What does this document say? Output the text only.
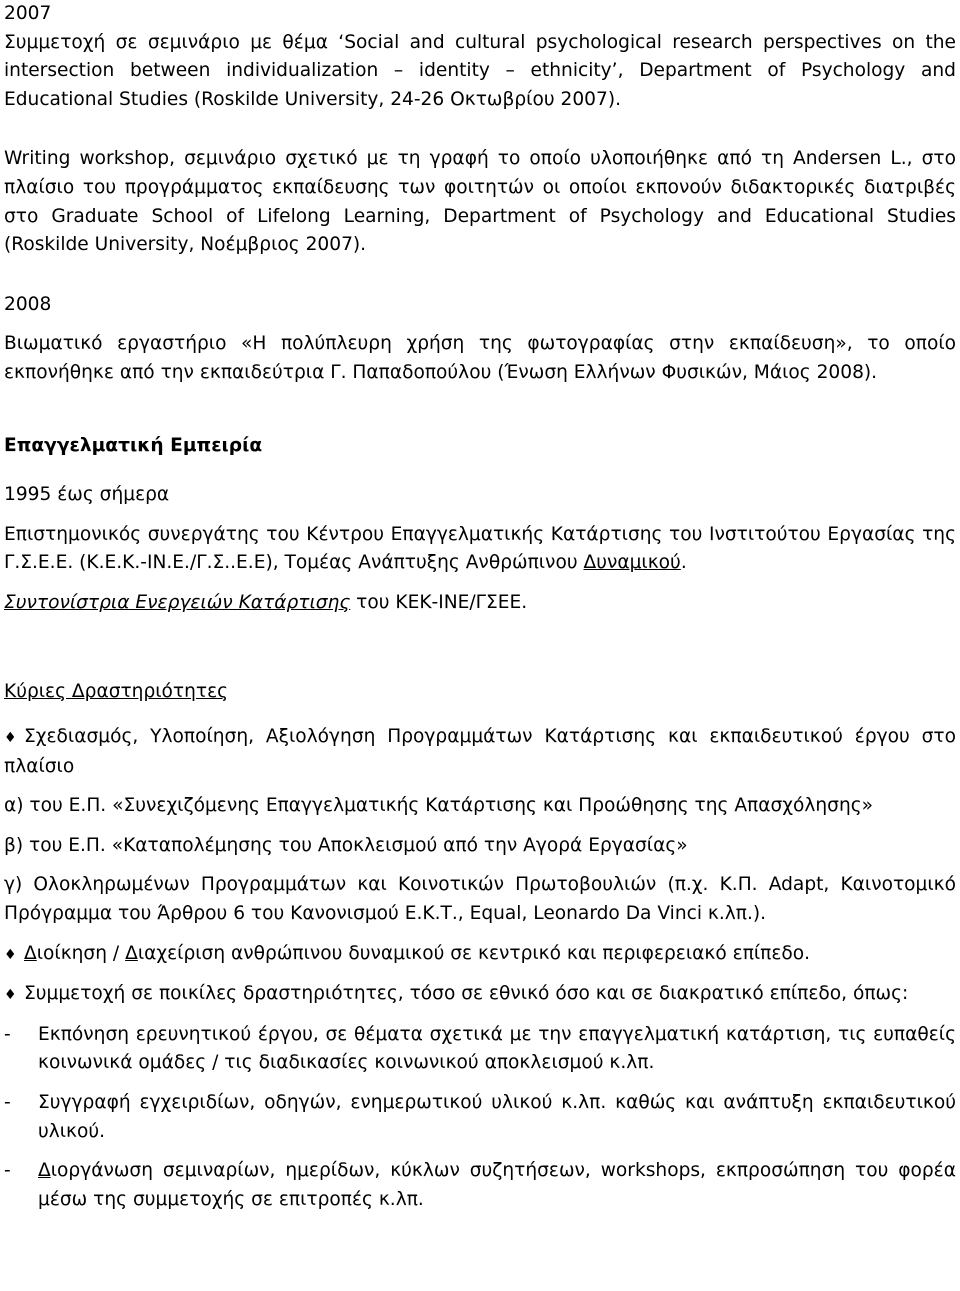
2007

Συμμετοχή σε σεμινάριο με θέμα ‘Social and cultural psychological research perspectives on the intersection between individualization – identity – ethnicity’, Department of Psychology and Educational Studies (Roskilde University, 24-26 Οκτωβρίου 2007).

Writing workshop, σεμινάριο σχετικό με τη γραφή το οποίο υλοποιήθηκε από τη Andersen L., στο πλαίσιο του προγράμματος εκπαίδευσης των φοιτητών οι οποίοι εκπονούν διδακτορικές διατριβές στο Graduate School of Lifelong Learning, Department of Psychology and Educational Studies (Roskilde University, Νοέμβριος 2007).

2008

Βιωματικό εργαστήριο «Η πολύπλευρη χρήση της φωτογραφίας στην εκπαίδευση», το οποίο εκπονήθηκε από την εκπαιδεύτρια Γ. Παπαδοπούλου (Ένωση Ελλήνων Φυσικών, Μάιος 2008).

Επαγγελματική Εμπειρία

1995 έως σήμερα

Επιστημονικός συνεργάτης του Κέντρου Επαγγελματικής Κατάρτισης του Ινστιτούτου Εργασίας της Γ.Σ.Ε.Ε. (Κ.Ε.Κ.-ΙΝ.Ε./Γ.Σ..Ε.Ε), Τομέας Ανάπτυξης Ανθρώπινου Δυναμικού.

Συντονίστρια Ενεργειών Κατάρτισης του ΚΕΚ-ΙΝΕ/ΓΣΕΕ.

Κύριες Δραστηριότητες

♦ Σχεδιασμός, Υλοποίηση, Αξιολόγηση Προγραμμάτων Κατάρτισης και εκπαιδευτικού έργου στο πλαίσιο

α) του Ε.Π. «Συνεχιζόμενης Επαγγελματικής Κατάρτισης και Προώθησης της Απασχόλησης»

β) του Ε.Π. «Καταπολέμησης του Αποκλεισμού από την Αγορά Εργασίας»

γ) Ολοκληρωμένων Προγραμμάτων και Κοινοτικών Πρωτοβουλιών (π.χ. Κ.Π. Adapt, Καινοτομικό Πρόγραμμα του Άρθρου 6 του Κανονισμού Ε.Κ.Τ., Equal, Leonardo Da Vinci κ.λπ.).

♦ Διοίκηση / Διαχείριση ανθρώπινου δυναμικού σε κεντρικό και περιφερειακό επίπεδο.

♦ Συμμετοχή σε ποικίλες δραστηριότητες, τόσο σε εθνικό όσο και σε διακρατικό επίπεδο, όπως:

-	Εκπόνηση ερευνητικού έργου, σε θέματα σχετικά με την επαγγελματική κατάρτιση, τις ευπαθείς κοινωνικά ομάδες / τις διαδικασίες κοινωνικού αποκλεισμού κ.λπ.
-	Συγγραφή εγχειριδίων, οδηγών, ενημερωτικού υλικού κ.λπ. καθώς και ανάπτυξη εκπαιδευτικού υλικού.
-	Διοργάνωση σεμιναρίων, ημερίδων, κύκλων συζητήσεων, workshops, εκπροσώπηση του φορέα μέσω της συμμετοχής σε επιτροπές κ.λπ.
